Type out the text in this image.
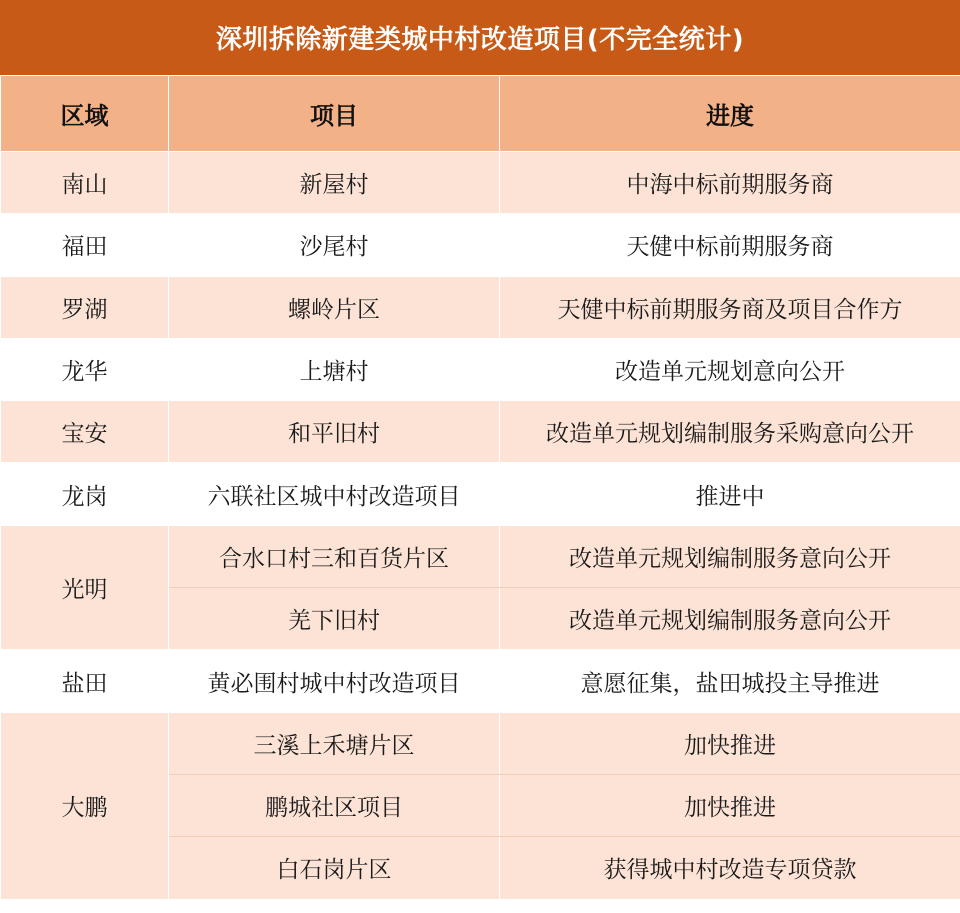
深圳拆除新建类城中村改造项目(不完全统计)
区域	项目	进度
南山	新屋村	中海中标前期服务商
福田	沙尾村	天健中标前期服务商
罗湖	螺岭片区	天健中标前期服务商及项目合作方
龙华	上塘村	改造单元规划意向公开
宝安	和平旧村	改造单元规划编制服务采购意向公开
龙岗	六联社区城中村改造项目	推进中
光明	合水口村三和百货片区	改造单元规划编制服务意向公开
	羌下旧村	改造单元规划编制服务意向公开
盐田	黄必围村城中村改造项目	意愿征集，盐田城投主导推进
大鹏	三溪上禾塘片区	加快推进
	鹏城社区项目	加快推进
	白石岗片区	获得城中村改造专项贷款
